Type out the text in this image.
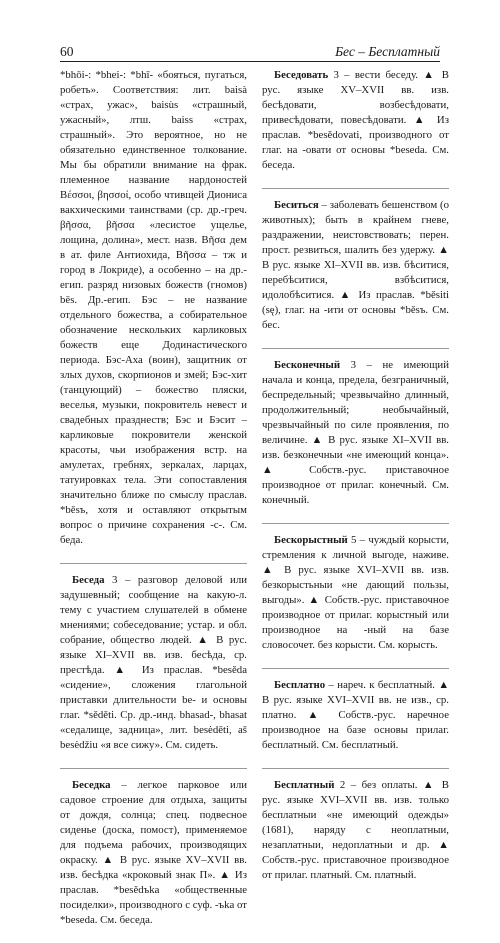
60	Бес – Бесплатный

*bhōi-: *bhei-: *bhī- «бояться, пугаться, робеть». Соответствия: лит. baisà «страх, ужас», baisùs «страшный, ужасный», лтш. baiss «страх, страшный». Это вероятное, но не обязательно единственное толкование. Мы бы обратили внимание на фрак. племенное название нардоностей Βέσσοι, βησσοί, особо чтивщей Диониса вакхическими таинствами (ср. др.-греч. βῆσσα, βῆσσα «лесистое ущелье, лощина, долина», мест. назв. Βῆσα дем в ат. филе Антиохида, Βῆσσα – тж и город в Локриде), а особенно – на др.-егип. разряд низовых божеств (гномов) bēs. Др.-егип. Бэс – не название отдельного божества, а собирательное обозначение нескольких карликовых божеств еще Додинастического периода. Бэс-Аха (воин), защитник от злых духов, скорпионов и змей; Бэс-хит (танцующий) – божество пляски, веселья, музыки, покровитель невест и свадебных празднеств; Бэс и Бэсит – карликовые покровители женской красоты, чьи изображения встр. на амулетах, гребнях, зеркалах, ларцах, татуировках тела. Эти сопоставления значительно ближе по смыслу праслав. *běsъ, хотя и оставляют открытым вопрос о причине сохранения -с-. См. беда.

Беседа 3 – разговор деловой или задушевный; сообщение на какую-л. тему с участием слушателей в обмене мнениями; собеседование; устар. и обл. собрание, общество людей. ▲ В рус. языке XI–XVII вв. изв. бесѣда, ср. престѣда. ▲ Из праслав. *besěda «сидение», сложения глагольной приставки длительности be- и основы глаг. *sěděti. Ср. др.-инд. bhasad-, bhasat «седалище, задница», лит. besėdēti, aš besėdžiu «я все сижу». См. сидеть.

Беседка – легкое парковое или садовое строение для отдыха, защиты от дождя, солнца; спец. подвесное сиденье (доска, помост), применяемое для подъема рабочих, производящих окраску. ▲ В рус. языке XV–XVII вв. изв. бесѣдка «кроковый знак П». ▲ Из праслав. *besědъka «общественные посиделки», производного с суф. -ъka от *beseda. См. беседа.

Беседовать 3 – вести беседу. ▲ В рус. языке XV–XVII вв. изв. бесѣдовати, возбесѣдовати, привесѣдовати, повесѣдовати. ▲ Из праслав. *besědovati, производного от глаг. на -овати от основы *beseda. См. беседа.

Беситься – заболевать бешенством (о животных); быть в крайнем гневе, раздражении, неистовствовать; перен. прост. резвиться, шалить без удержу. ▲ В рус. языке XI–XVII вв. изв. бѣситися, перебѣситися, взбѣситися, идолобѣситися. ▲ Из праслав. *běsiti (sę), глаг. на -ити от основы *běsъ. См. бес.

Бесконечный 3 – не имеющий начала и конца, предела, безграничный, беспредельный; чрезвычайно длинный, продолжительный; необычайный, чрезвычайный по силе проявления, по величине. ▲ В рус. языке XI–XVII вв. изв. безконечныи «не имеющий конца». ▲ Собств.-рус. приставочное производное от прилаг. конечный. См. конечный.

Бескорыстный 5 – чуждый корысти, стремления к личной выгоде, наживе. ▲ В рус. языке XVI–XVII вв. изв. безкорыстьныи «не дающий пользы, выгоды». ▲ Собств.-рус. приставочное производное от прилаг. корыстный или производное на -ный на базе словосочет. без корысти. См. корысть.

Бесплатно – нареч. к бесплатный. ▲ В рус. языке XVI–XVII вв. не изв., ср. платно. ▲ Собств.-рус. наречное производное на базе основы прилаг. бесплатный. См. бесплатный.

Бесплатный 2 – без оплаты. ▲ В рус. языке XVI–XVII вв. изв. только бесплатныи «не имеющий одежды» (1681), наряду с неоплатныи, незаплатныи, недоплатныи и др. ▲ Собств.-рус. приставочное производное от прилаг. платный. См. платный.
